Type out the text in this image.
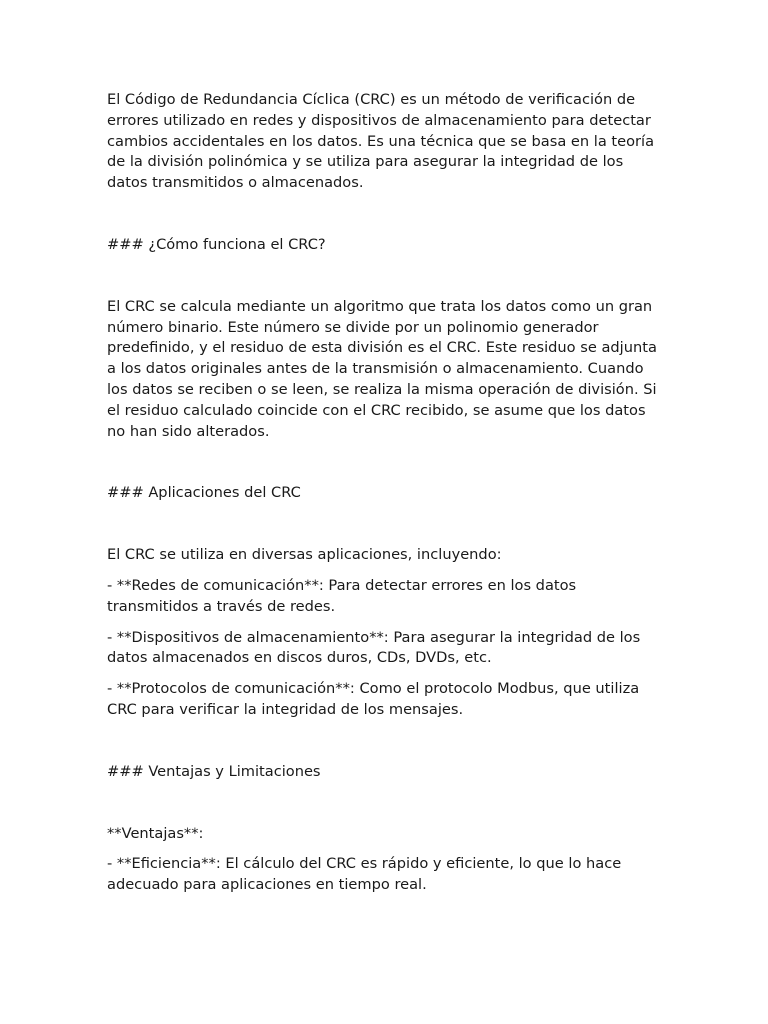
El Código de Redundancia Cíclica (CRC) es un método de verificación de errores utilizado en redes y dispositivos de almacenamiento para detectar cambios accidentales en los datos. Es una técnica que se basa en la teoría de la división polinómica y se utiliza para asegurar la integridad de los datos transmitidos o almacenados.

### ¿Cómo funciona el CRC?

El CRC se calcula mediante un algoritmo que trata los datos como un gran número binario. Este número se divide por un polinomio generador predefinido, y el residuo de esta división es el CRC. Este residuo se adjunta a los datos originales antes de la transmisión o almacenamiento. Cuando los datos se reciben o se leen, se realiza la misma operación de división. Si el residuo calculado coincide con el CRC recibido, se asume que los datos no han sido alterados.

### Aplicaciones del CRC

El CRC se utiliza en diversas aplicaciones, incluyendo:

- **Redes de comunicación**: Para detectar errores en los datos transmitidos a través de redes.

- **Dispositivos de almacenamiento**: Para asegurar la integridad de los datos almacenados en discos duros, CDs, DVDs, etc.

- **Protocolos de comunicación**: Como el protocolo Modbus, que utiliza CRC para verificar la integridad de los mensajes.

### Ventajas y Limitaciones

**Ventajas**:

- **Eficiencia**: El cálculo del CRC es rápido y eficiente, lo que lo hace adecuado para aplicaciones en tiempo real.
